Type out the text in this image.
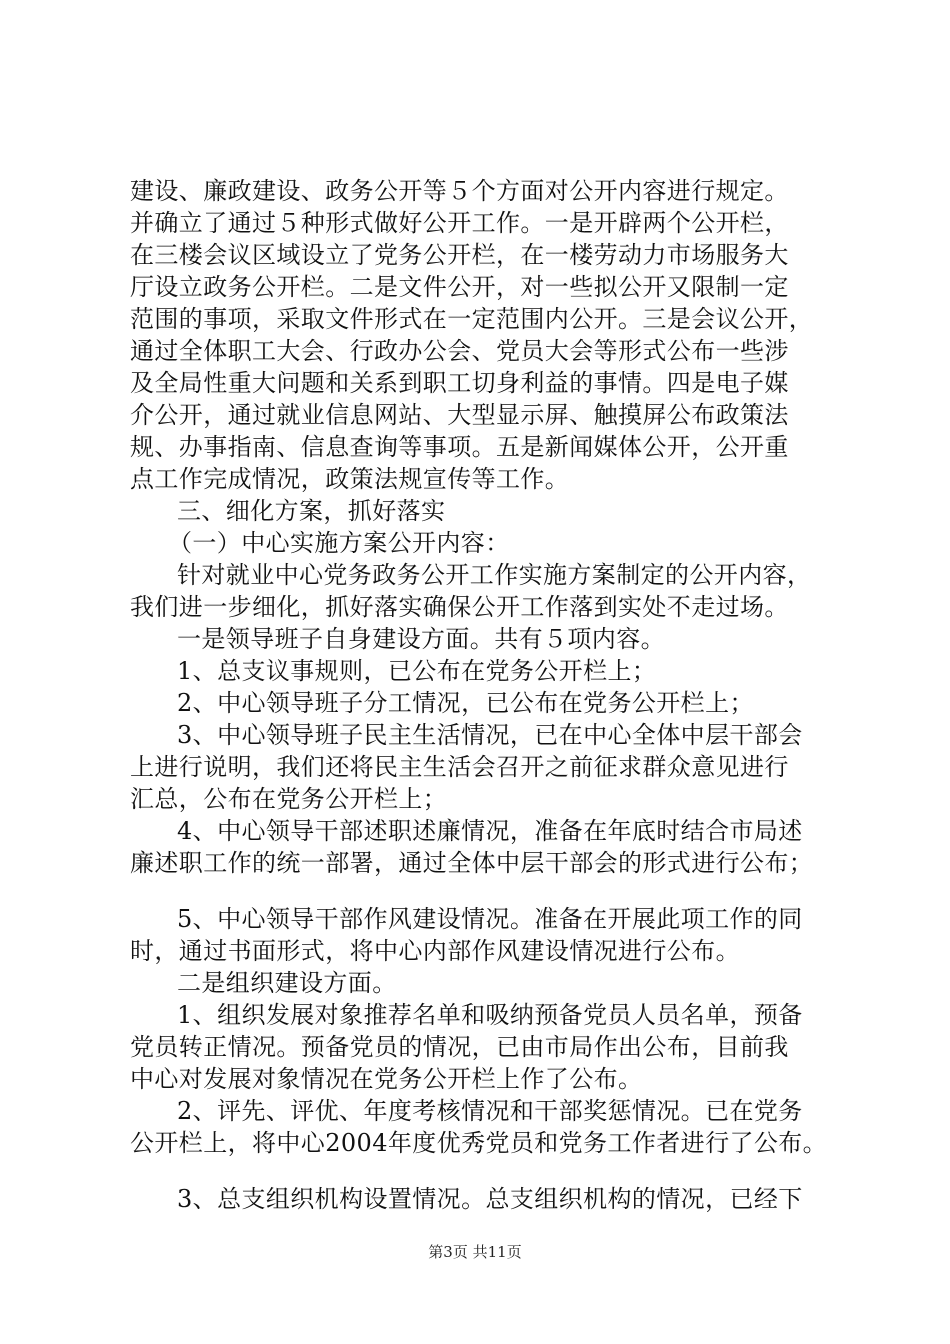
建设、廉政建设、政务公开等５个方面对公开内容进行规定。
并确立了通过５种形式做好公开工作。一是开辟两个公开栏，
在三楼会议区域设立了党务公开栏，在一楼劳动力市场服务大
厅设立政务公开栏。二是文件公开，对一些拟公开又限制一定
范围的事项，采取文件形式在一定范围内公开。三是会议公开，
通过全体职工大会、行政办公会、党员大会等形式公布一些涉
及全局性重大问题和关系到职工切身利益的事情。四是电子媒
介公开，通过就业信息网站、大型显示屏、触摸屏公布政策法
规、办事指南、信息查询等事项。五是新闻媒体公开，公开重
点工作完成情况，政策法规宣传等工作。
三、细化方案，抓好落实
（一）中心实施方案公开内容：
针对就业中心党务政务公开工作实施方案制定的公开内容，
我们进一步细化，抓好落实确保公开工作落到实处不走过场。
一是领导班子自身建设方面。共有５项内容。
1、总支议事规则，已公布在党务公开栏上；
2、中心领导班子分工情况，已公布在党务公开栏上；
3、中心领导班子民主生活情况，已在中心全体中层干部会
上进行说明，我们还将民主生活会召开之前征求群众意见进行
汇总，公布在党务公开栏上；
4、中心领导干部述职述廉情况，准备在年底时结合市局述
廉述职工作的统一部署，通过全体中层干部会的形式进行公布；
5、中心领导干部作风建设情况。准备在开展此项工作的同
时，通过书面形式，将中心内部作风建设情况进行公布。
二是组织建设方面。
1、组织发展对象推荐名单和吸纳预备党员人员名单，预备
党员转正情况。预备党员的情况，已由市局作出公布，目前我
中心对发展对象情况在党务公开栏上作了公布。
2、评先、评优、年度考核情况和干部奖惩情况。已在党务
公开栏上，将中心2004年度优秀党员和党务工作者进行了公布。
3、总支组织机构设置情况。总支组织机构的情况，已经下
第3页 共11页
